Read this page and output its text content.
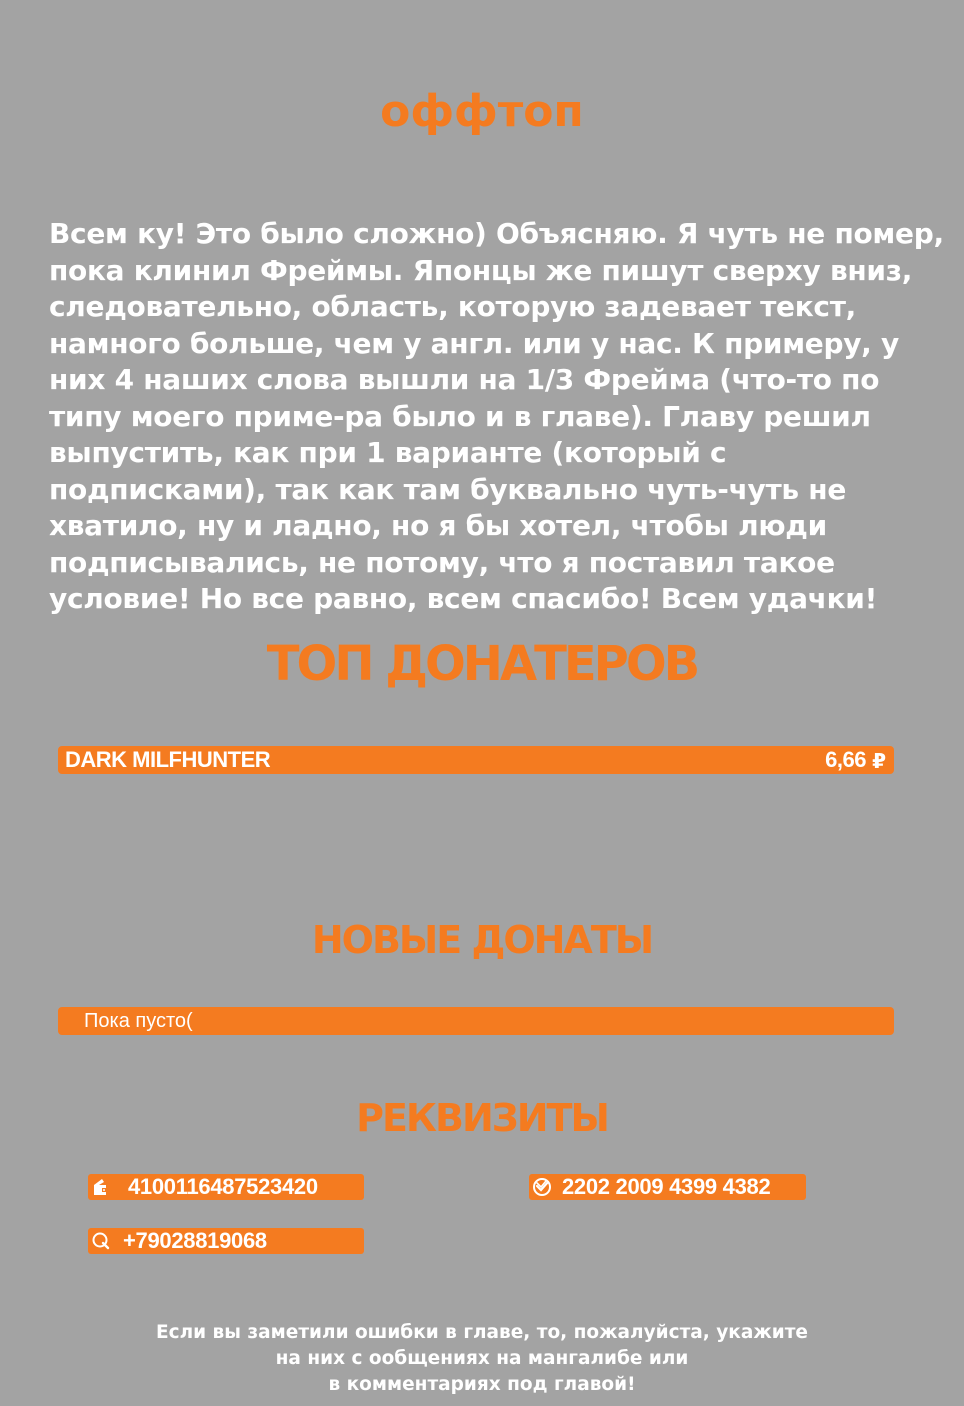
оффтоп

Всем ку! Это было сложно) Объясняю. Я чуть не помер, пока клинил Фреймы. Японцы же пишут сверху вниз, следовательно, область, которую задевает текст, намного больше, чем у англ. или у нас. К примеру, у них 4 наших слова вышли на 1/3 Фрейма (что-то по типу моего приме-ра было и в главе). Главу решил выпустить, как при 1 варианте (который с подписками), так как там буквально чуть-чуть не хватило, ну и ладно, но я бы хотел, чтобы люди подписывались, не потому, что я поставил такое условие! Но все равно, всем спасибо! Всем удачки!

ТОП ДОНАТЕРОВ
DARK MILFHUNTER	6,66 ₽
НОВЫЕ ДОНАТЫ
Пока пусто(
РЕКВИЗИТЫ
4100116487523420	2202 2009 4399 4382
+79028819068

Если вы заметили ошибки в главе, то, пожалуйста, укажите
на них с ообщениях на мангалибе или
в комментариях под главой!
